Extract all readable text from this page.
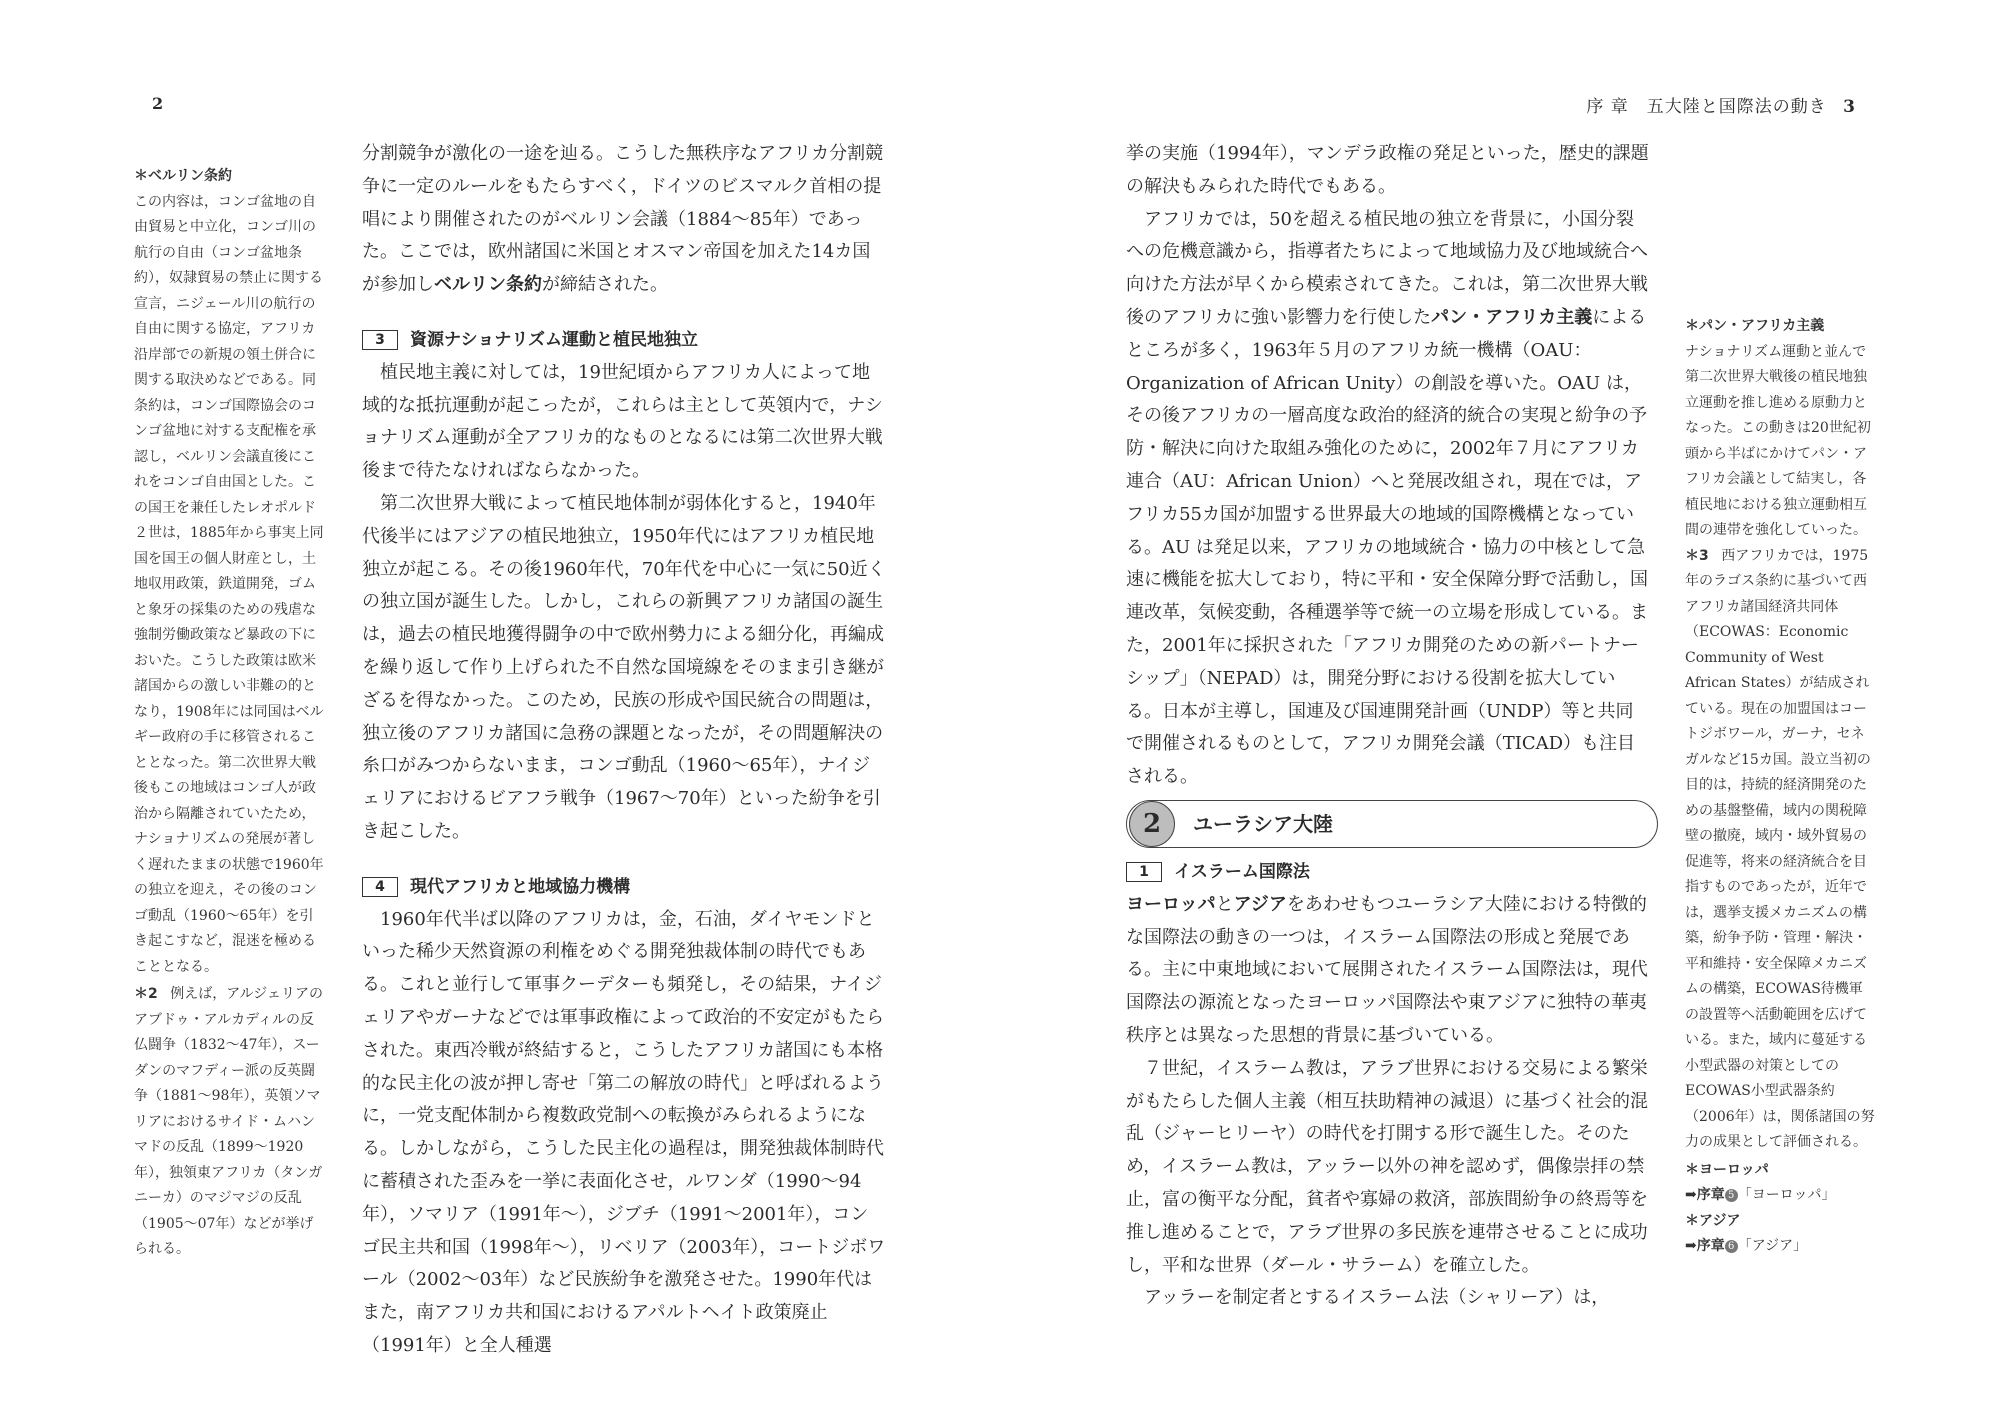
2	序 章　五大陸と国際法の動き 3
＊ベルリン条約

この内容は，コンゴ盆地の自由貿易と中立化，コンゴ川の航行の自由（コンゴ盆地条約），奴隷貿易の禁止に関する宣言，ニジェール川の航行の自由に関する協定，アフリカ沿岸部での新規の領土併合に関する取決めなどである。同条約は，コンゴ国際協会のコンゴ盆地に対する支配権を承認し，ベルリン会議直後にこれをコンゴ自由国とした。この国王を兼任したレオポルド２世は，1885年から事実上同国を国王の個人財産とし，土地収用政策，鉄道開発，ゴムと象牙の採集のための残虐な強制労働政策など暴政の下においた。こうした政策は欧米諸国からの激しい非難の的となり，1908年には同国はベルギー政府の手に移管されることとなった。第二次世界大戦後もこの地域はコンゴ人が政治から隔離されていたため，ナショナリズムの発展が著しく遅れたままの状態で1960年の独立を迎え，その後のコンゴ動乱（1960〜65年）を引き起こすなど，混迷を極めることとなる。

＊2 例えば，アルジェリアのアブドゥ・アルカディルの反仏闘争（1832〜47年），スーダンのマフディー派の反英闘争（1881〜98年），英領ソマリアにおけるサイド・ムハンマドの反乱（1899〜1920年），独領東アフリカ（タンガニーカ）のマジマジの反乱（1905〜07年）などが挙げられる。

分割競争が激化の一途を辿る。こうした無秩序なアフリカ分割競争に一定のルールをもたらすべく，ドイツのビスマルク首相の提唱により開催されたのがベルリン会議（1884〜85年）であった。ここでは，欧州諸国に米国とオスマン帝国を加えた14カ国が参加しベルリン条約が締結された。

3	資源ナショナリズム運動と植民地独立

植民地主義に対しては，19世紀頃からアフリカ人によって地域的な抵抗運動が起こったが，これらは主として英領内で，ナショナリズム運動が全アフリカ的なものとなるには第二次世界大戦後まで待たなければならなかった。

第二次世界大戦によって植民地体制が弱体化すると，1940年代後半にはアジアの植民地独立，1950年代にはアフリカ植民地独立が起こる。その後1960年代，70年代を中心に一気に50近くの独立国が誕生した。しかし，これらの新興アフリカ諸国の誕生は，過去の植民地獲得闘争の中で欧州勢力による細分化，再編成を繰り返して作り上げられた不自然な国境線をそのまま引き継がざるを得なかった。このため，民族の形成や国民統合の問題は，独立後のアフリカ諸国に急務の課題となったが，その問題解決の糸口がみつからないまま，コンゴ動乱（1960〜65年），ナイジェリアにおけるビアフラ戦争（1967〜70年）といった紛争を引き起こした。

4	現代アフリカと地域協力機構

1960年代半ば以降のアフリカは，金，石油，ダイヤモンドといった稀少天然資源の利権をめぐる開発独裁体制の時代でもある。これと並行して軍事クーデターも頻発し，その結果，ナイジェリアやガーナなどでは軍事政権によって政治的不安定がもたらされた。東西冷戦が終結すると，こうしたアフリカ諸国にも本格的な民主化の波が押し寄せ「第二の解放の時代」と呼ばれるように，一党支配体制から複数政党制への転換がみられるようになる。しかしながら，こうした民主化の過程は，開発独裁体制時代に蓄積された歪みを一挙に表面化させ，ルワンダ（1990〜94年），ソマリア（1991年〜），ジブチ（1991〜2001年），コンゴ民主共和国（1998年〜），リベリア（2003年），コートジボワール（2002〜03年）など民族紛争を激発させた。1990年代はまた，南アフリカ共和国におけるアパルトヘイト政策廃止（1991年）と全人種選

挙の実施（1994年），マンデラ政権の発足といった，歴史的課題の解決もみられた時代でもある。

アフリカでは，50を超える植民地の独立を背景に，小国分裂への危機意識から，指導者たちによって地域協力及び地域統合へ向けた方法が早くから模索されてきた。これは，第二次世界大戦後のアフリカに強い影響力を行使したパン・アフリカ主義によるところが多く，1963年５月のアフリカ統一機構（OAU：Organization of African Unity）の創設を導いた。OAU は，その後アフリカの一層高度な政治的経済的統合の実現と紛争の予防・解決に向けた取組み強化のために，2002年７月にアフリカ連合（AU：African Union）へと発展改組され，現在では，アフリカ55カ国が加盟する世界最大の地域的国際機構となっている。AU は発足以来，アフリカの地域統合・協力の中核として急速に機能を拡大しており，特に平和・安全保障分野で活動し，国連改革，気候変動，各種選挙等で統一の立場を形成している。また，2001年に採択された「アフリカ開発のための新パートナーシップ」（NEPAD）は，開発分野における役割を拡大している。日本が主導し，国連及び国連開発計画（UNDP）等と共同で開催されるものとして，アフリカ開発会議（TICAD）も注目される。

2	ユーラシア大陸
1	イスラーム国際法

ヨーロッパとアジアをあわせもつユーラシア大陸における特徴的な国際法の動きの一つは，イスラーム国際法の形成と発展である。主に中東地域において展開されたイスラーム国際法は，現代国際法の源流となったヨーロッパ国際法や東アジアに独特の華夷秩序とは異なった思想的背景に基づいている。

７世紀，イスラーム教は，アラブ世界における交易による繁栄がもたらした個人主義（相互扶助精神の減退）に基づく社会的混乱（ジャーヒリーヤ）の時代を打開する形で誕生した。そのため，イスラーム教は，アッラー以外の神を認めず，偶像崇拝の禁止，富の衡平な分配，貧者や寡婦の救済，部族間紛争の終焉等を推し進めることで，アラブ世界の多民族を連帯させることに成功し，平和な世界（ダール・サラーム）を確立した。

アッラーを制定者とするイスラーム法（シャリーア）は，

＊パン・アフリカ主義

ナショナリズム運動と並んで第二次世界大戦後の植民地独立運動を推し進める原動力となった。この動きは20世紀初頭から半ばにかけてパン・アフリカ会議として結実し，各植民地における独立運動相互間の連帯を強化していった。

＊3 西アフリカでは，1975年のラゴス条約に基づいて西アフリカ諸国経済共同体（ECOWAS：Economic Community of West African States）が結成されている。現在の加盟国はコートジボワール，ガーナ，セネガルなど15カ国。設立当初の目的は，持続的経済開発のための基盤整備，域内の関税障壁の撤廃，域内・域外貿易の促進等，将来の経済統合を目指すものであったが，近年では，選挙支援メカニズムの構築，紛争予防・管理・解決・平和維持・安全保障メカニズムの構築，ECOWAS待機軍の設置等へ活動範囲を広げている。また，域内に蔓延する小型武器の対策としてのECOWAS小型武器条約（2006年）は，関係諸国の努力の成果として評価される。
＊ヨーロッパ
➡序章 5 「ヨーロッパ」
＊アジア
➡序章 6 「アジア」
